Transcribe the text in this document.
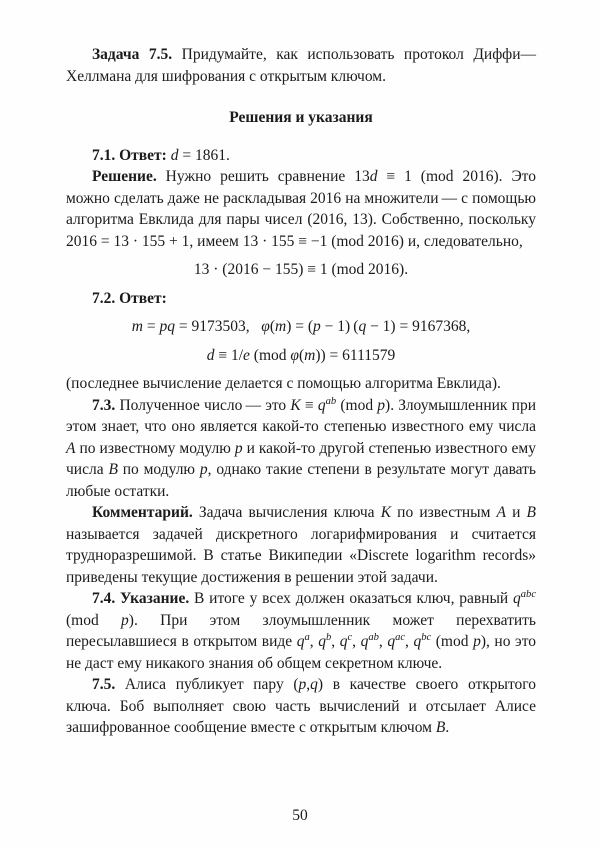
Задача 7.5. Придумайте, как использовать протокол Диффи—Хеллмана для шифрования с открытым ключом.

Решения и указания

7.1. Ответ: d = 1861.

Решение. Нужно решить сравнение 13d ≡ 1 (mod 2016). Это можно сделать даже не раскладывая 2016 на множители — с помощью алгоритма Евклида для пары чисел (2016, 13). Собственно, поскольку 2016 = 13 · 155 + 1, имеем 13 · 155 ≡ −1 (mod 2016) и, следовательно,

13 · (2016 − 155) ≡ 1 (mod 2016).

7.2. Ответ:

m = pq = 9173503,   φ(m) = (p − 1) (q − 1) = 9167368,

d ≡ 1/e (mod φ(m)) = 6111579

(последнее вычисление делается с помощью алгоритма Евклида).

7.3. Полученное число — это $K \equiv q^{ab}$ (mod p). Злоумышленник при этом знает, что оно является какой-то степенью известного ему числа A по известному модулю p и какой-то другой степенью известного ему числа B по модулю p, однако такие степени в результате могут давать любые остатки.

Комментарий. Задача вычисления ключа K по известным A и B называется задачей дискретного логарифмирования и считается трудноразрешимой. В статье Википедии «Discrete logarithm records» приведены текущие достижения в решении этой задачи.

7.4. Указание. В итоге у всех должен оказаться ключ, равный $q^{abc}$ (mod p). При этом злоумышленник может перехватить пересылавшиеся в открытом виде $q^a$, $q^b$, $q^c$, $q^{ab}$, $q^{ac}$, $q^{bc}$ (mod p), но это не даст ему никакого знания об общем секретном ключе.

7.5. Алиса публикует пару (p,q) в качестве своего открытого ключа. Боб выполняет свою часть вычислений и отсылает Алисе зашифрованное сообщение вместе с открытым ключом B.

50
